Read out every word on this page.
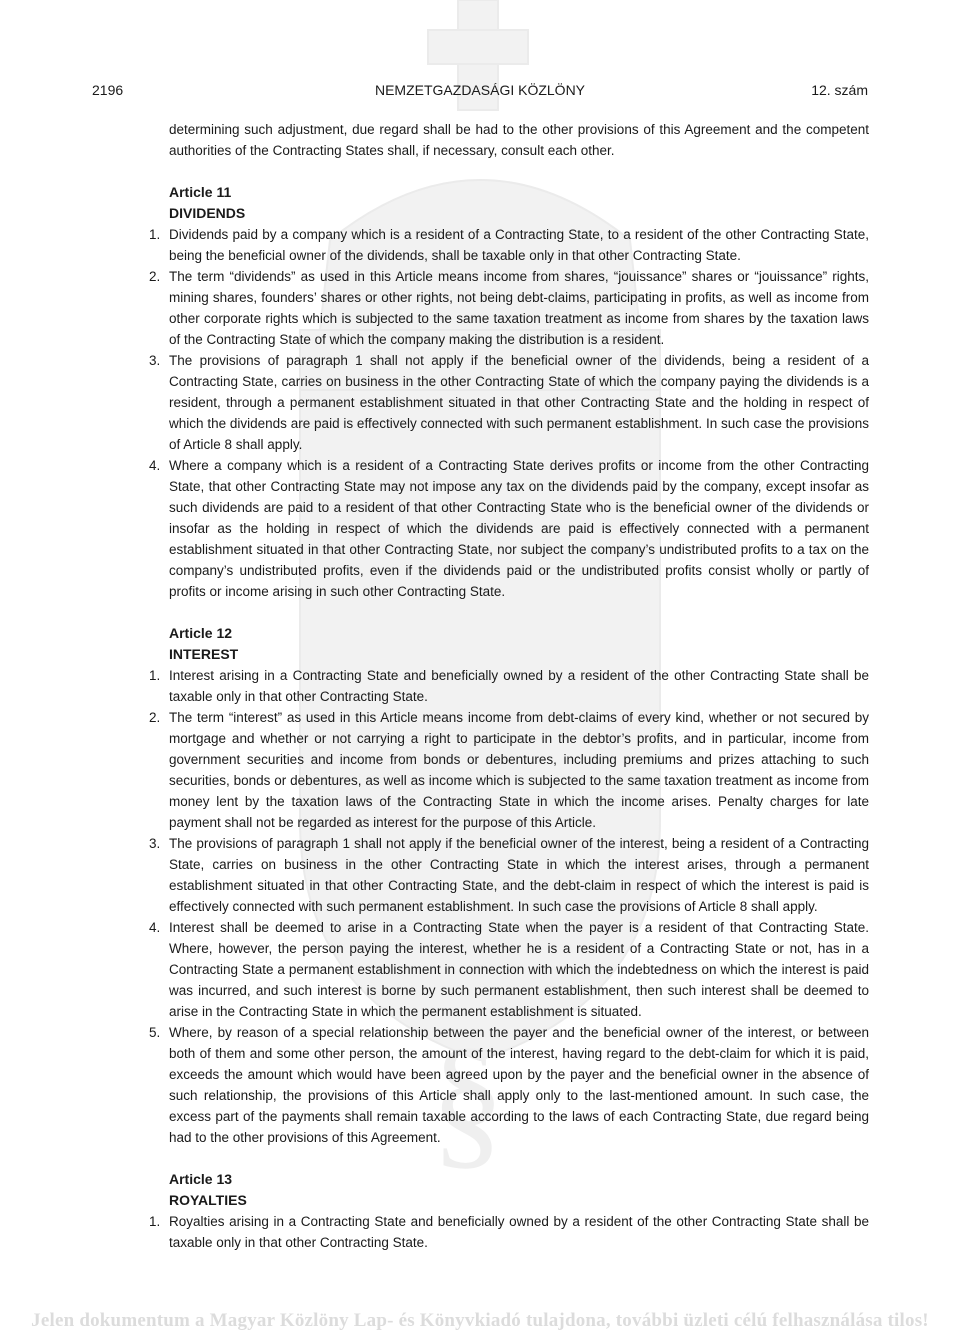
§
2196	NEMZETGAZDASÁGI KÖZLÖNY	12. szám

determining such adjustment, due regard shall be had to the other provisions of this Agreement and the competent authorities of the Contracting States shall, if necessary, consult each other.

Article 11
DIVIDENDS
1. Dividends paid by a company which is a resident of a Contracting State, to a resident of the other Contracting State, being the beneficial owner of the dividends, shall be taxable only in that other Contracting State.
2. The term “dividends” as used in this Article means income from shares, “jouissance” shares or “jouissance” rights, mining shares, founders’ shares or other rights, not being debt-claims, participating in profits, as well as income from other corporate rights which is subjected to the same taxation treatment as income from shares by the taxation laws of the Contracting State of which the company making the distribution is a resident.
3. The provisions of paragraph 1 shall not apply if the beneficial owner of the dividends, being a resident of a Contracting State, carries on business in the other Contracting State of which the company paying the dividends is a resident, through a permanent establishment situated in that other Contracting State and the holding in respect of which the dividends are paid is effectively connected with such permanent establishment. In such case the provisions of Article 8 shall apply.
4. Where a company which is a resident of a Contracting State derives profits or income from the other Contracting State, that other Contracting State may not impose any tax on the dividends paid by the company, except insofar as such dividends are paid to a resident of that other Contracting State who is the beneficial owner of the dividends or insofar as the holding in respect of which the dividends are paid is effectively connected with a permanent establishment situated in that other Contracting State, nor subject the company’s undistributed profits to a tax on the company’s undistributed profits, even if the dividends paid or the undistributed profits consist wholly or partly of profits or income arising in such other Contracting State.
Article 12
INTEREST
1. Interest arising in a Contracting State and beneficially owned by a resident of the other Contracting State shall be taxable only in that other Contracting State.
2. The term “interest” as used in this Article means income from debt-claims of every kind, whether or not secured by mortgage and whether or not carrying a right to participate in the debtor’s profits, and in particular, income from government securities and income from bonds or debentures, including premiums and prizes attaching to such securities, bonds or debentures, as well as income which is subjected to the same taxation treatment as income from money lent by the taxation laws of the Contracting State in which the income arises. Penalty charges for late payment shall not be regarded as interest for the purpose of this Article.
3. The provisions of paragraph 1 shall not apply if the beneficial owner of the interest, being a resident of a Contracting State, carries on business in the other Contracting State in which the interest arises, through a permanent establishment situated in that other Contracting State, and the debt-claim in respect of which the interest is paid is effectively connected with such permanent establishment. In such case the provisions of Article 8 shall apply.
4. Interest shall be deemed to arise in a Contracting State when the payer is a resident of that Contracting State. Where, however, the person paying the interest, whether he is a resident of a Contracting State or not, has in a Contracting State a permanent establishment in connection with which the indebtedness on which the interest is paid was incurred, and such interest is borne by such permanent establishment, then such interest shall be deemed to arise in the Contracting State in which the permanent establishment is situated.
5. Where, by reason of a special relationship between the payer and the beneficial owner of the interest, or between both of them and some other person, the amount of the interest, having regard to the debt-claim for which it is paid, exceeds the amount which would have been agreed upon by the payer and the beneficial owner in the absence of such relationship, the provisions of this Article shall apply only to the last-mentioned amount. In such case, the excess part of the payments shall remain taxable according to the laws of each Contracting State, due regard being had to the other provisions of this Agreement.
Article 13
ROYALTIES
1. Royalties arising in a Contracting State and beneficially owned by a resident of the other Contracting State shall be taxable only in that other Contracting State.
Jelen dokumentum a Magyar Közlöny Lap- és Könyvkiadó tulajdona, további üzleti célú felhasználása tilos!
